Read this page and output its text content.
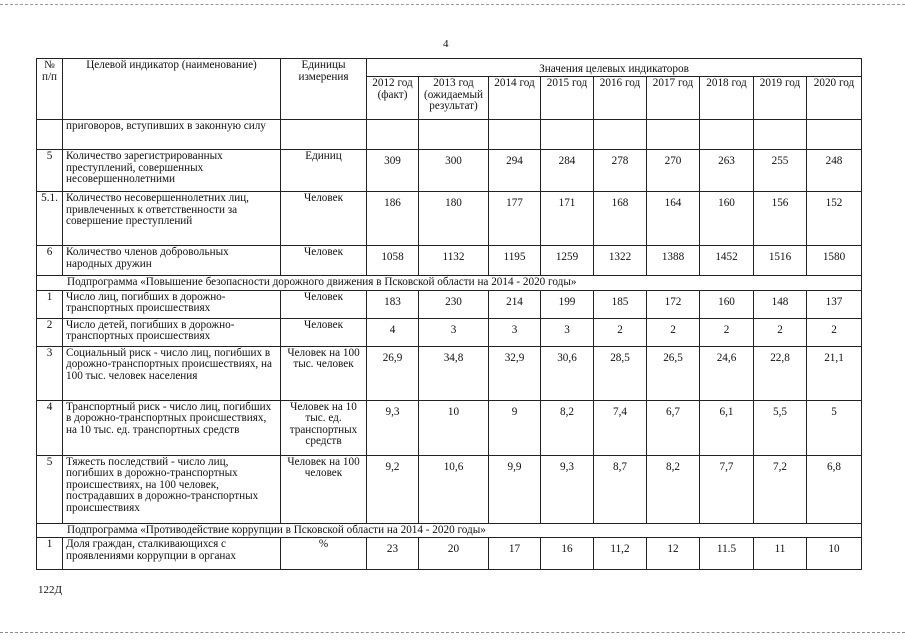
4
№ п/п	Целевой индикатор (наименование)	Единицы измерения	Значения целевых индикаторов								
			2012 год (факт)	2013 год (ожидаемый результат)	2014 год	2015 год	2016 год	2017 год	2018 год	2019 год	2020 год
	приговоров, вступивших в законную силу										
5	Количество зарегистрированных преступлений, совершенных несовершеннолетними	Единиц	309	300	294	284	278	270	263	255	248
5.1.	Количество несовершеннолетних лиц, привлеченных к ответственности за совершение преступлений	Человек	186	180	177	171	168	164	160	156	152
6	Количество членов добровольных народных дружин	Человек	1058	1132	1195	1259	1322	1388	1452	1516	1580
Подпрограмма «Повышение безопасности дорожного движения в Псковской области на 2014 - 2020 годы»											
1	Число лиц, погибших в дорожно-транспортных происшествиях	Человек	183	230	214	199	185	172	160	148	137
2	Число детей, погибших в дорожно-транспортных происшествиях	Человек	4	3	3	3	2	2	2	2	2
3	Социальный риск - число лиц, погибших в дорожно-транспортных происшествиях, на 100 тыс. человек населения	Человек на 100 тыс. человек	26,9	34,8	32,9	30,6	28,5	26,5	24,6	22,8	21,1
4	Транспортный риск - число лиц, погибших в дорожно-транспортных происшествиях, на 10 тыс. ед. транспортных средств	Человек на 10 тыс. ед. транспортных средств	9,3	10	9	8,2	7,4	6,7	6,1	5,5	5
5	Тяжесть последствий - число лиц, погибших в дорожно-транспортных происшествиях, на 100 человек, пострадавших в дорожно-транспортных происшествиях	Человек на 100 человек	9,2	10,6	9,9	9,3	8,7	8,2	7,7	7,2	6,8
Подпрограмма «Противодействие коррупции в Псковской области на 2014 - 2020 годы»											
1	Доля граждан, сталкивающихся с проявлениями коррупции в органах	%	23	20	17	16	11,2	12	11.5	11	10
122Д
